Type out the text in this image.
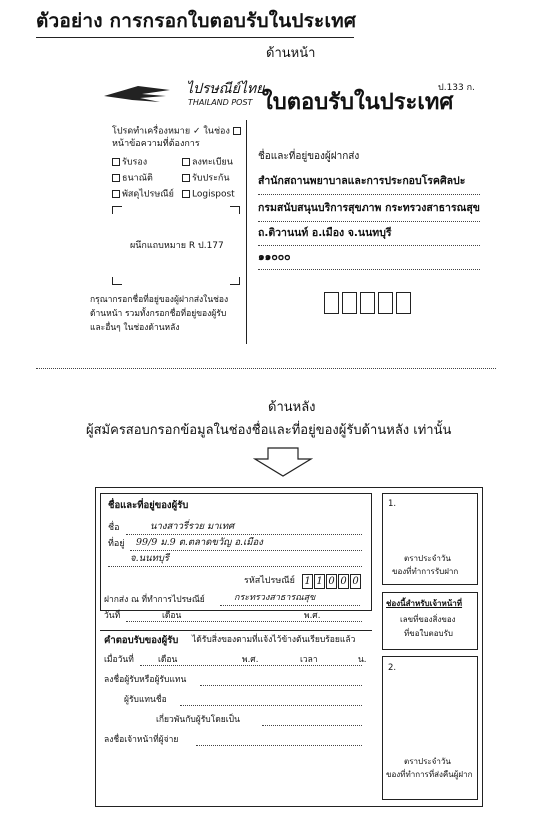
ตัวอย่าง การกรอกใบตอบรับในประเทศ
ด้านหน้า
ไปรษณีย์ไทย
THAILAND POST ใบตอบรับในประเทศ
ป.133 ก.
โปรดทำเครื่องหมาย ✓ ในช่อง
หน้าข้อความที่ต้องการ
รับรอง	ลงทะเบียน
ธนาณัติ	รับประกัน
พัสดุไปรษณีย์	Logispost
ผนึกแถบหมาย R ป.177
กรุณากรอกชื่อที่อยู่ของผู้ฝากส่งในช่อง
ด้านหน้า รวมทั้งกรอกชื่อที่อยู่ของผู้รับ
และอื่นๆ ในช่องด้านหลัง
ชื่อและที่อยู่ของผู้ฝากส่ง
สำนักสถานพยาบาลและการประกอบโรคศิลปะ
กรมสนับสนุนบริการสุขภาพ กระทรวงสาธารณสุข
ถ.ติวานนท์ อ.เมือง จ.นนทบุรี
๑๑๐๐๐
ด้านหลัง
ผู้สมัครสอบกรอกข้อมูลในช่องชื่อและที่อยู่ของผู้รับด้านหลัง เท่านั้น
ชื่อและที่อยู่ของผู้รับ
ชื่อ	นางสาวรี่รวย มาเทศ
ที่อยู่ 99/9 ม.9 ต.ตลาดขวัญ อ.เมือง
จ.นนทบุรี
รหัสไปรษณีย์ 1 1 0 0 0
ฝากส่ง ณ ที่ทำการไปรษณีย์	กระทรวงสาธารณสุข
วันที่	เดือน	พ.ศ.
คำตอบรับของผู้รับ ได้รับสิ่งของตามที่แจ้งไว้ข้างต้นเรียบร้อยแล้ว
เมื่อวันที่	เดือน	พ.ศ.	เวลา	น.
ลงชื่อผู้รับหรือผู้รับแทน
ผู้รับแทนชื่อ
เกี่ยวพันกับผู้รับโดยเป็น
ลงชื่อเจ้าหน้าที่ผู้จ่าย
1.
ตราประจำวัน
ของที่ทำการรับฝาก
ช่องนี้สำหรับเจ้าหน้าที่
เลขที่ของสิ่งของ
ที่ขอใบตอบรับ
2.
ตราประจำวัน
ของที่ทำการที่ส่งคืนผู้ฝาก
